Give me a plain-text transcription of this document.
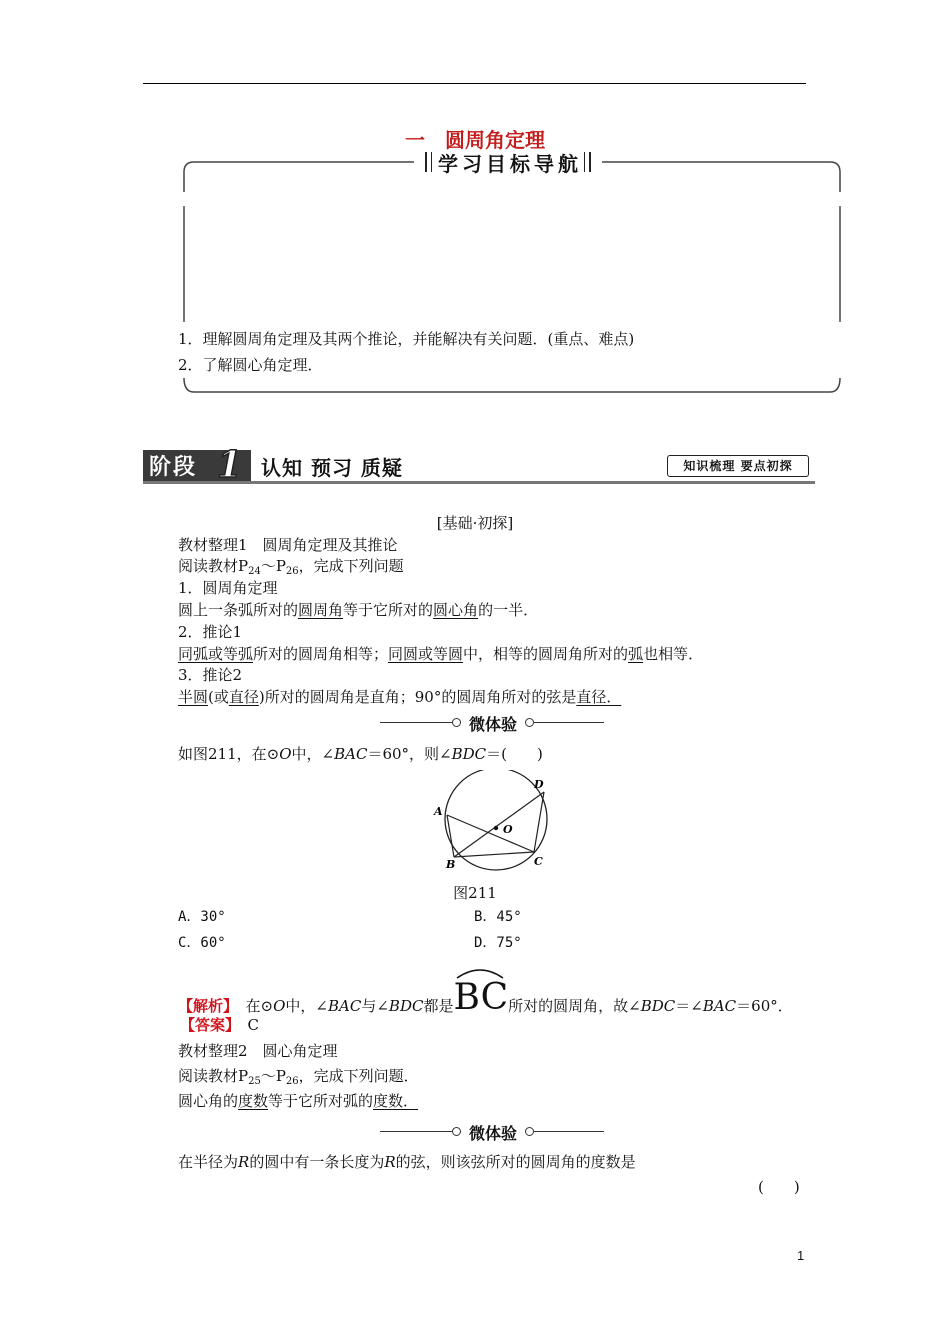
一　圆周角定理
学习目标导航
1．理解圆周角定理及其两个推论，并能解决有关问题．(重点、难点)
2．了解圆心角定理．
阶段 1 认知 预习 质疑	知识梳理 要点初探
[基础·初探]
教材整理1　圆周角定理及其推论
阅读教材$P_{24}\sim P_{26}$，完成下列问题
1．圆周角定理
圆上一条弧所对的圆周角等于它所对的圆心角的一半．
2．推论1
同弧或等弧所对的圆周角相等；同圆或等圆中，相等的圆周角所对的弧也相等．
3．推论2
半圆(或直径)所对的圆周角是直角；90°的圆周角所对的弦是直径．
微体验
如图211，在⊙O中，∠BAC＝60°，则∠BDC＝(　　)
A
B	C
D
O
图211
A．30°	B．45°
C．60°	D．75°
【解析】　 在⊙O中，∠BAC与∠BDC都是
BC所对的圆周角，故∠BDC＝∠BAC＝60°．
【答案】　 C
教材整理2　圆心角定理
阅读教材$P_{25}\sim P_{26}$，完成下列问题．
圆心角的度数等于它所对弧的度数．
微体验
在半径为R的圆中有一条长度为R的弦，则该弦所对的圆周角的度数是
(　　)
1
